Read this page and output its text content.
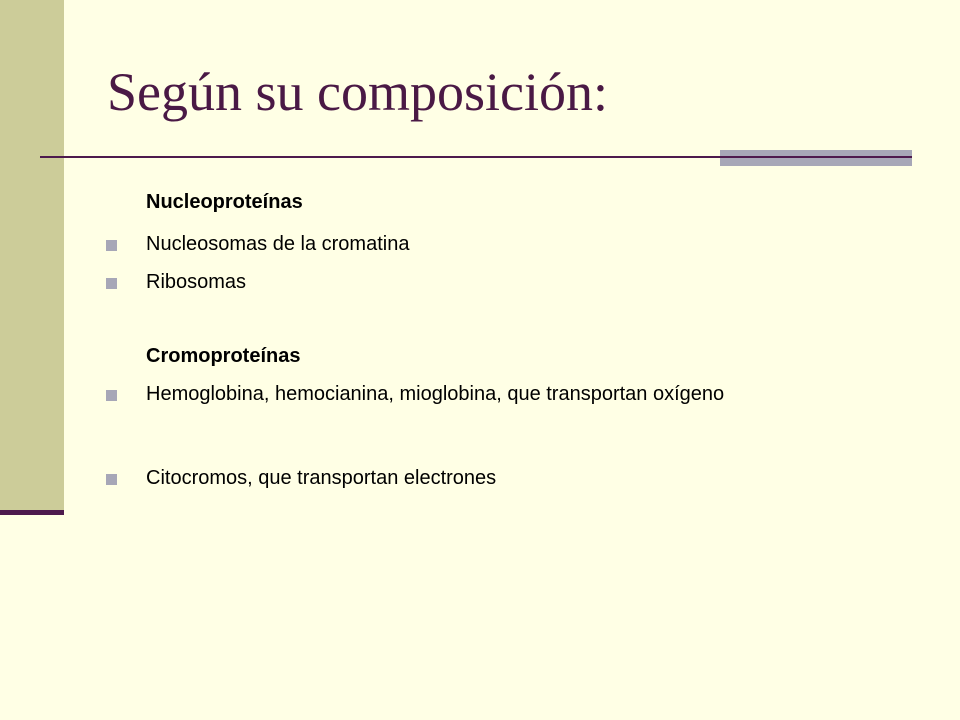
Según su composición:
Nucleoproteínas
Nucleosomas de la cromatina
Ribosomas
Cromoproteínas
Hemoglobina, hemocianina, mioglobina, que transportan oxígeno
Citocromos, que transportan electrones
